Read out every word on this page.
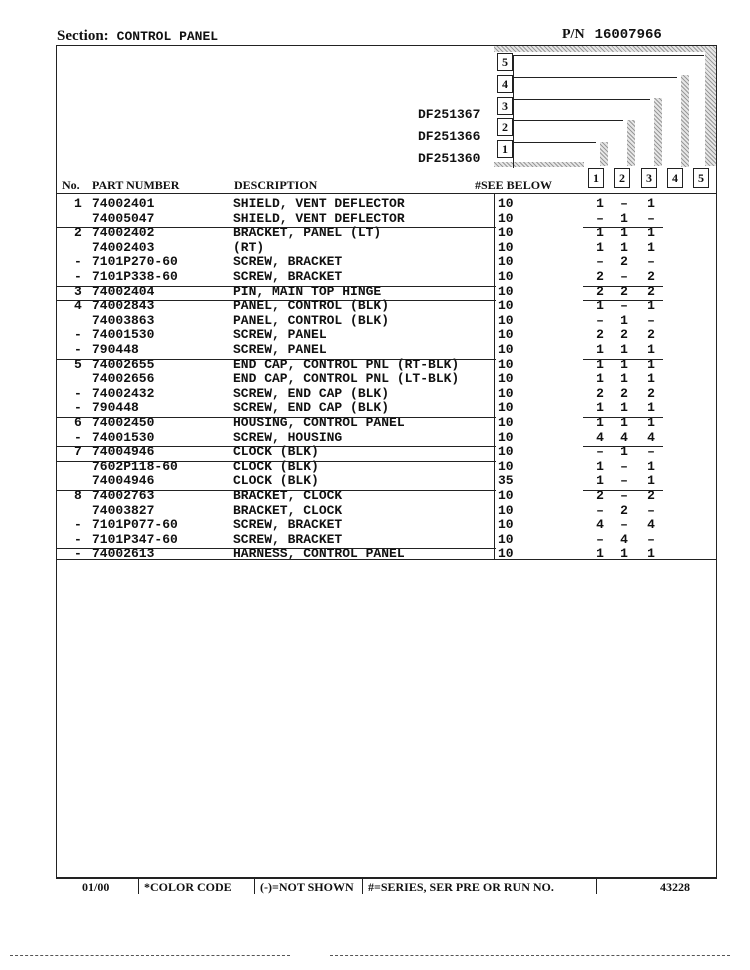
Section: CONTROL PANEL	P/N 16007966
5
4
3
2
1
DF251367
DF251366
DF251360
No. PART NUMBER	DESCRIPTION	#SEE BELOW	1	2	3	4	5
1 74002401	SHIELD, VENT DEFLECTOR	10	1 – 1
74005047	SHIELD, VENT DEFLECTOR	10	– 1 –
2 74002402	BRACKET, PANEL (LT)	10	1 1 1
74002403	(RT)	10	1 1 1
- 7101P270-60	SCREW, BRACKET	10	– 2 –
- 7101P338-60	SCREW, BRACKET	10	2 – 2
3 74002404	PIN, MAIN TOP HINGE	10	2 2 2
4 74002843	PANEL, CONTROL (BLK)	10	1 – 1
74003863	PANEL, CONTROL (BLK)	10	– 1 –
- 74001530	SCREW, PANEL	10	2 2 2
- 790448	SCREW, PANEL	10	1 1 1
5 74002655	END CAP, CONTROL PNL (RT-BLK)	10	1 1 1
74002656	END CAP, CONTROL PNL (LT-BLK)	10	1 1 1
- 74002432	SCREW, END CAP (BLK)	10	2 2 2
- 790448	SCREW, END CAP (BLK)	10	1 1 1
6 74002450	HOUSING, CONTROL PANEL	10	1 1 1
- 74001530	SCREW, HOUSING	10	4 4 4
7 74004946	CLOCK (BLK)	10	– 1 –
7602P118-60	CLOCK (BLK)	10	1 – 1
74004946	CLOCK (BLK)	35	1 – 1
8 74002763	BRACKET, CLOCK	10	2 – 2
74003827	BRACKET, CLOCK	10	– 2 –
- 7101P077-60	SCREW, BRACKET	10	4 – 4
- 7101P347-60	SCREW, BRACKET	10	– 4 –
- 74002613	HARNESS, CONTROL PANEL	10	1 1 1
01/00	*COLOR CODE (-)=NOT SHOWN #=SERIES, SER PRE OR RUN NO.	43228
